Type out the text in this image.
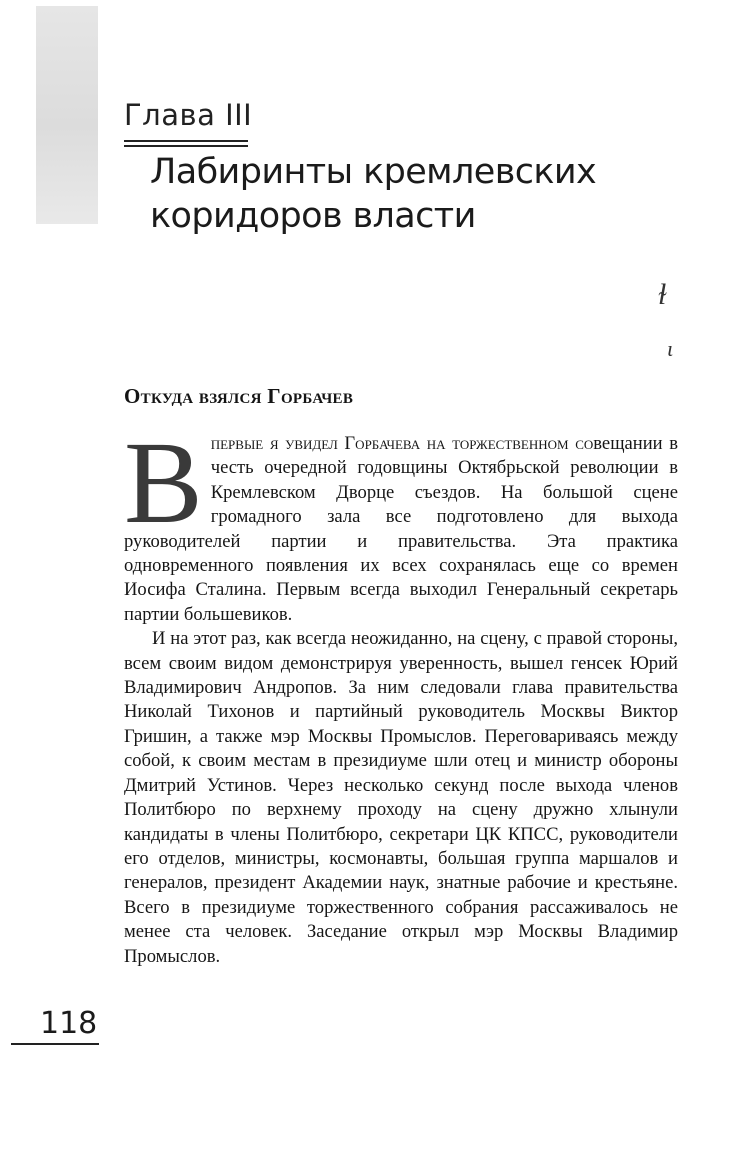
Глава III
Лабиринты кремлевских
коридоров власти
ɫ
ι
Откуда взялся Горбачев

Впервые я увидел Горбачева на торжественном совещании в честь очередной годовщины Октябрьской революции в Кремлевском Дворце съездов. На большой сцене громадного зала все подготовлено для выхода руководителей партии и правительства. Эта практика одновременного появления их всех сохранялась еще со времен Иосифа Сталина. Первым всегда выходил Генеральный секретарь партии большевиков.

И на этот раз, как всегда неожиданно, на сцену, с правой стороны, всем своим видом демонстрируя уверенность, вышел генсек Юрий Владимирович Андропов. За ним следовали глава правительства Николай Тихонов и партийный руководитель Москвы Виктор Гришин, а также мэр Москвы Промыслов. Переговариваясь между собой, к своим местам в президиуме шли отец и министр обороны Дмитрий Устинов. Через несколько секунд после выхода членов Политбюро по верхнему проходу на сцену дружно хлынули кандидаты в члены Политбюро, секретари ЦК КПСС, руководители его отделов, министры, космонавты, большая группа маршалов и генералов, президент Академии наук, знатные рабочие и крестьяне. Всего в президиуме торжественного собрания рассаживалось не менее ста человек. Заседание открыл мэр Москвы Владимир Промыслов.

118
